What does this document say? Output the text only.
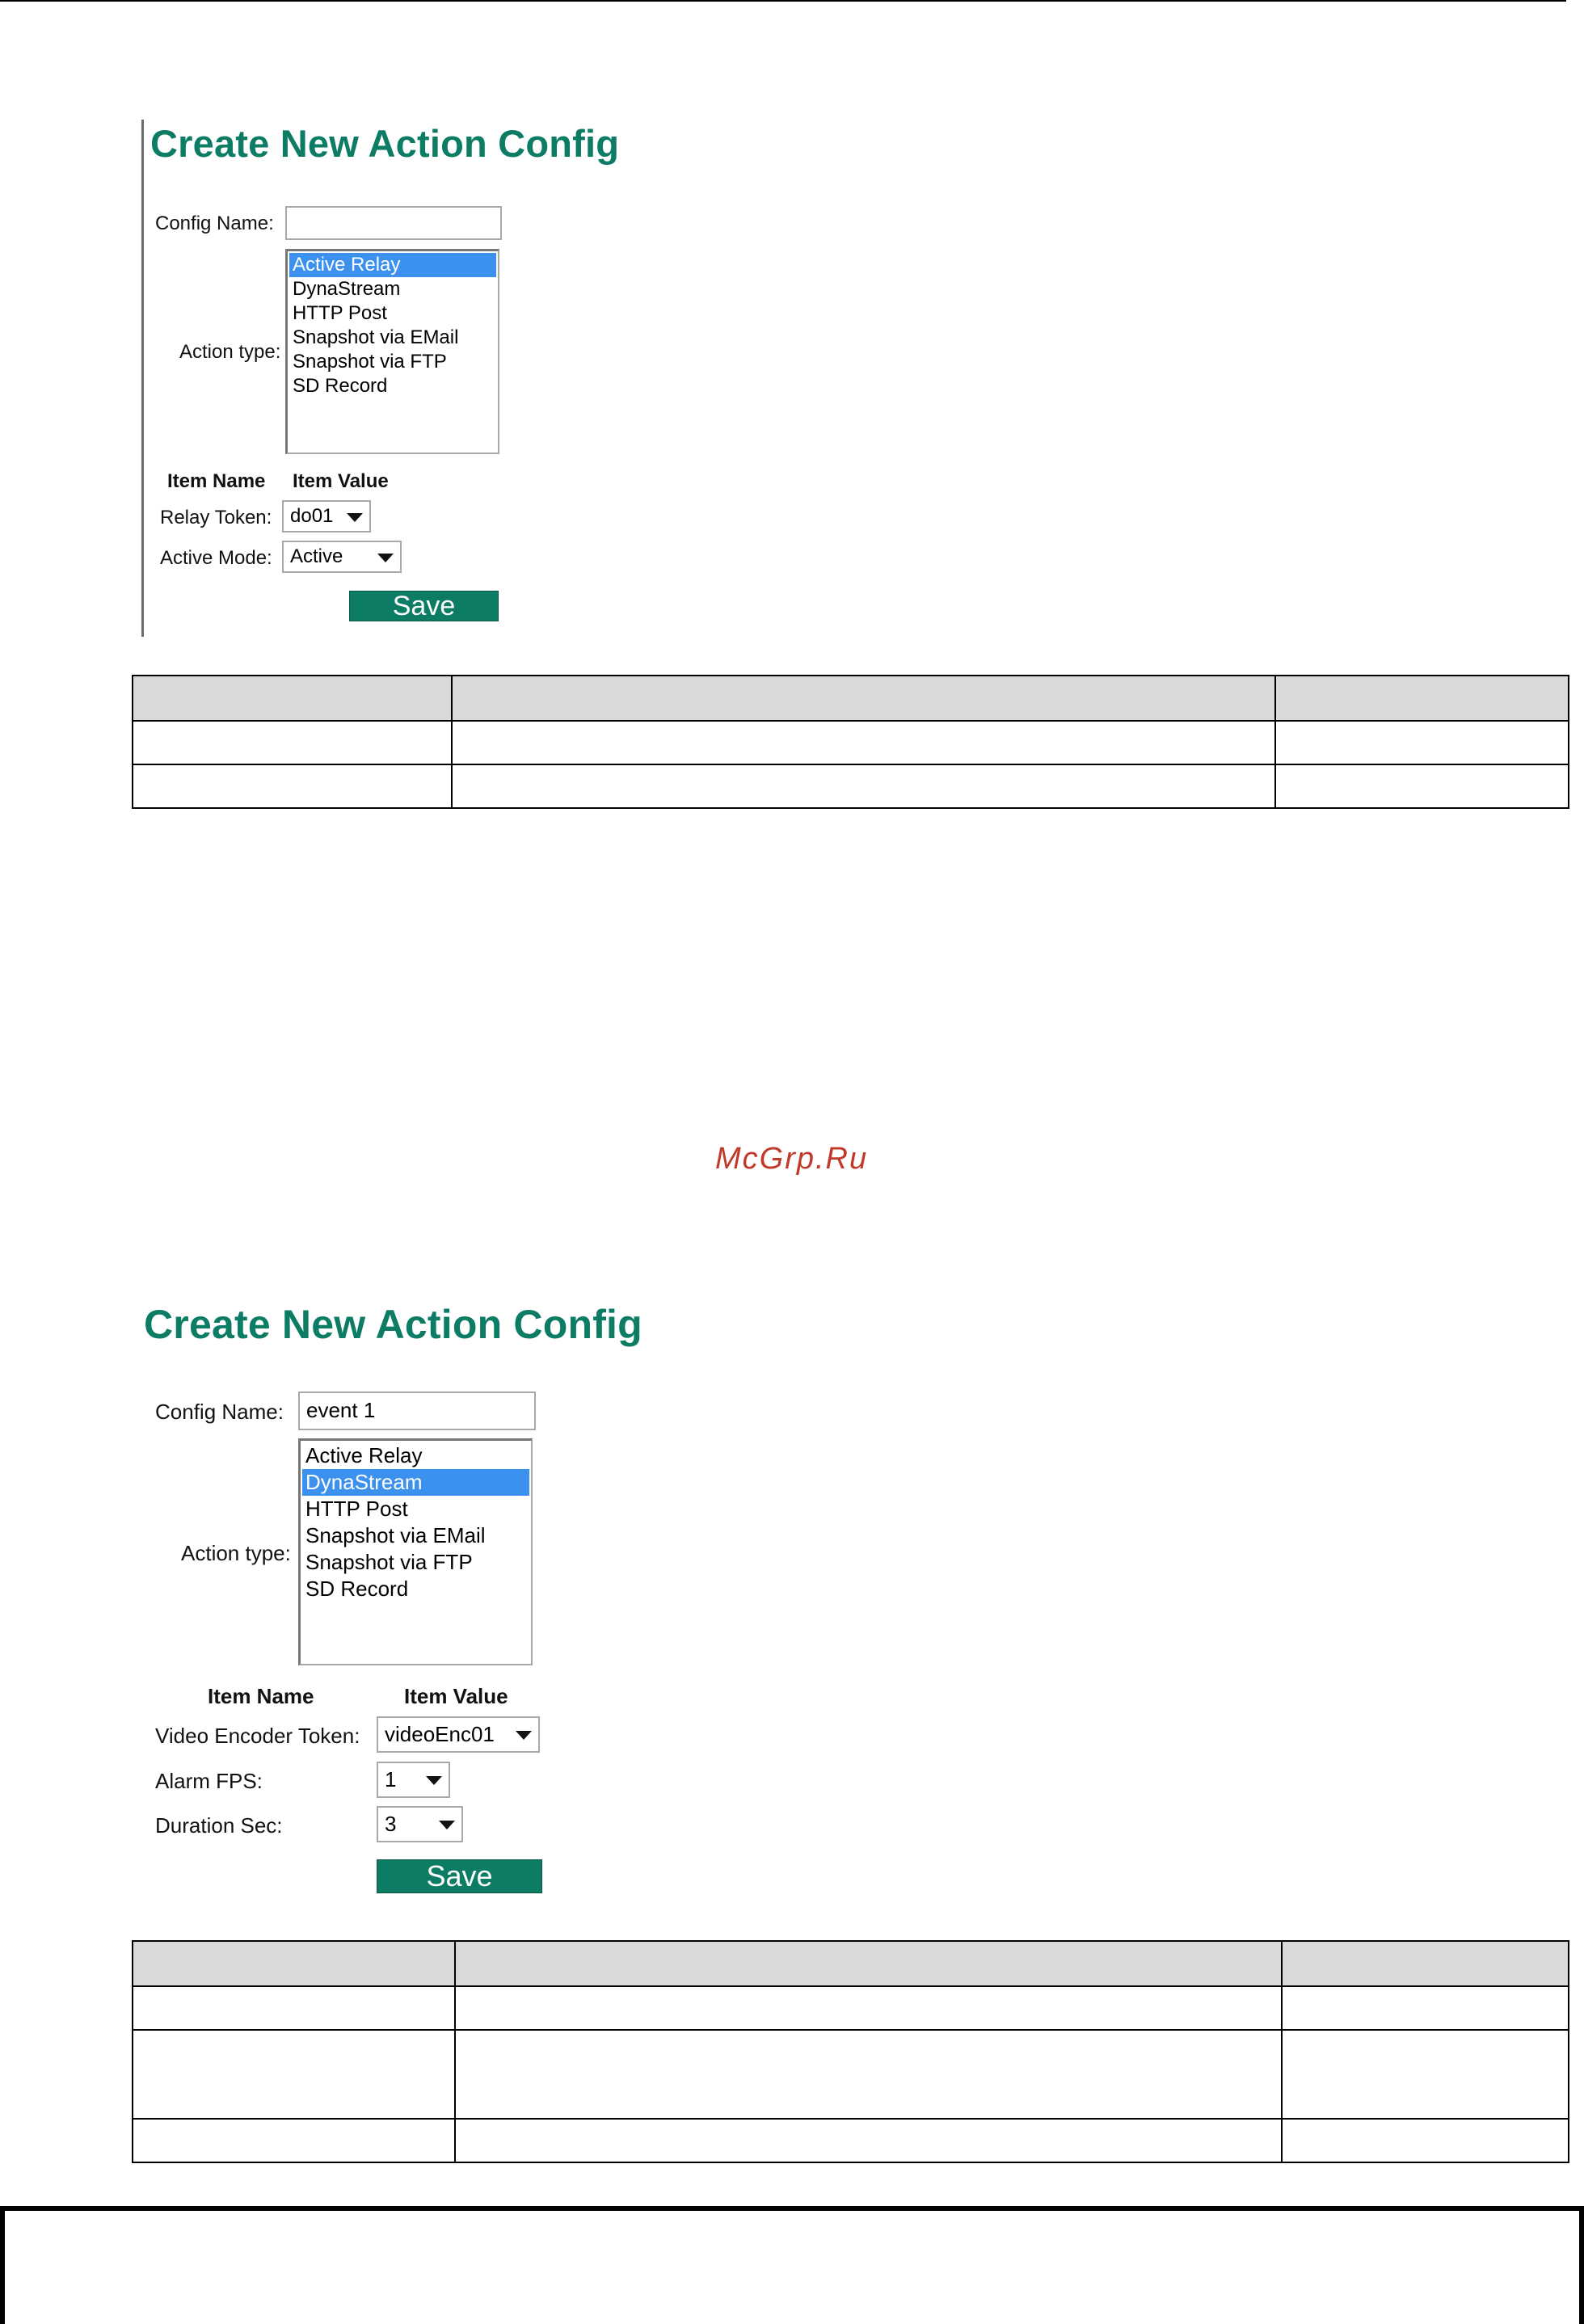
Create New Action Config
Config Name:
Action type:
Active Relay
DynaStream
HTTP Post
Snapshot via EMail
Snapshot via FTP
SD Record
Item Name Item Value
Relay Token: do01
Active Mode: Active
Save

McGrp.Ru
Create New Action Config
Config Name:	event 1
Action type:
Active Relay
DynaStream
HTTP Post
Snapshot via EMail
Snapshot via FTP
SD Record
Item Name	Item Value
Video Encoder Token:	videoEnc01
Alarm FPS:	1
Duration Sec:	3
Save
